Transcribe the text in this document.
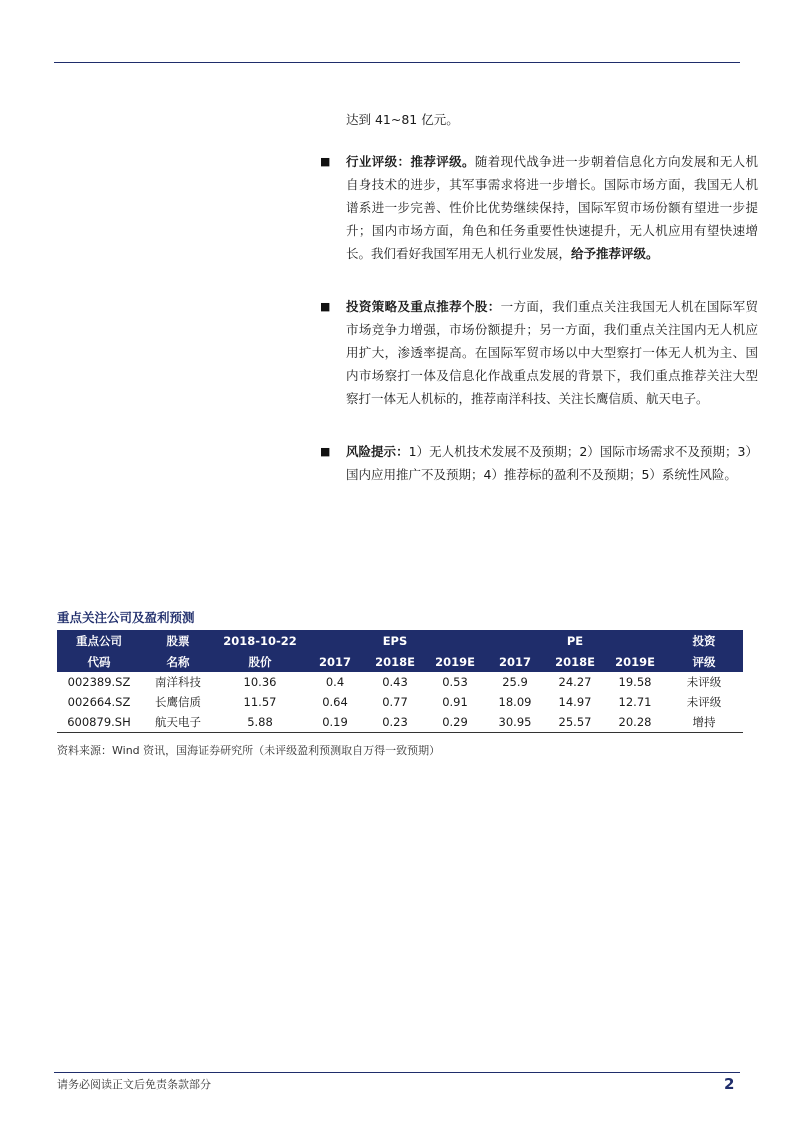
达到 41~81 亿元。
■ 行业评级：推荐评级。随着现代战争进一步朝着信息化方向发展和无人机自身技术的进步，其军事需求将进一步增长。国际市场方面，我国无人机谱系进一步完善、性价比优势继续保持，国际军贸市场份额有望进一步提升；国内市场方面，角色和任务重要性快速提升，无人机应用有望快速增长。我们看好我国军用无人机行业发展，给予推荐评级。
■ 投资策略及重点推荐个股：一方面，我们重点关注我国无人机在国际军贸市场竞争力增强，市场份额提升；另一方面，我们重点关注国内无人机应用扩大，渗透率提高。在国际军贸市场以中大型察打一体无人机为主、国内市场察打一体及信息化作战重点发展的背景下，我们重点推荐关注大型察打一体无人机标的，推荐南洋科技、关注长鹰信质、航天电子。
■ 风险提示：1）无人机技术发展不及预期；2）国际市场需求不及预期；3）国内应用推广不及预期；4）推荐标的盈利不及预期；5）系统性风险。
重点关注公司及盈利预测
重点公司	股票	2018-10-22	EPS			PE			投资
代码	名称	股价	2017	2018E	2019E	2017	2018E	2019E	评级
002389.SZ	南洋科技	10.36	0.4	0.43	0.53	25.9	24.27	19.58	未评级
002664.SZ	长鹰信质	11.57	0.64	0.77	0.91	18.09	14.97	12.71	未评级
600879.SH	航天电子	5.88	0.19	0.23	0.29	30.95	25.57	20.28	增持
资料来源：Wind 资讯，国海证券研究所（未评级盈利预测取自万得一致预期）
请务必阅读正文后免责条款部分	2
